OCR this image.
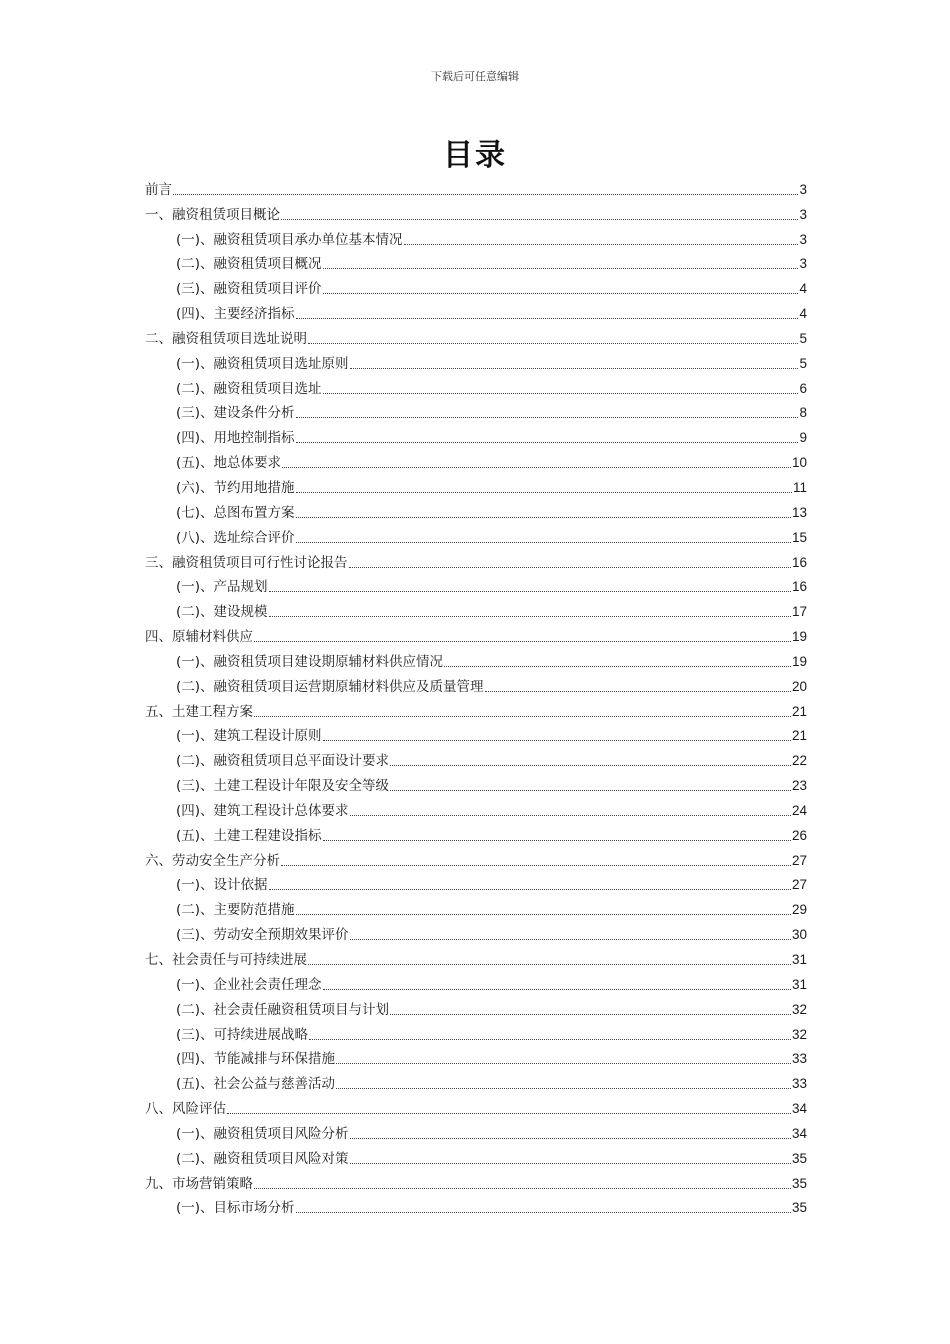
下载后可任意编辑
目录
前言	3
一、融资租赁项目概论	3
(一)、融资租赁项目承办单位基本情况	3
(二)、融资租赁项目概况	3
(三)、融资租赁项目评价	4
(四)、主要经济指标	4
二、融资租赁项目选址说明	5
(一)、融资租赁项目选址原则	5
(二)、融资租赁项目选址	6
(三)、建设条件分析	8
(四)、用地控制指标	9
(五)、地总体要求	10
(六)、节约用地措施	11
(七)、总图布置方案	13
(八)、选址综合评价	15
三、融资租赁项目可行性讨论报告	16
(一)、产品规划	16
(二)、建设规模	17
四、原辅材料供应	19
(一)、融资租赁项目建设期原辅材料供应情况	19
(二)、融资租赁项目运营期原辅材料供应及质量管理	20
五、土建工程方案	21
(一)、建筑工程设计原则	21
(二)、融资租赁项目总平面设计要求	22
(三)、土建工程设计年限及安全等级	23
(四)、建筑工程设计总体要求	24
(五)、土建工程建设指标	26
六、劳动安全生产分析	27
(一)、设计依据	27
(二)、主要防范措施	29
(三)、劳动安全预期效果评价	30
七、社会责任与可持续进展	31
(一)、企业社会责任理念	31
(二)、社会责任融资租赁项目与计划	32
(三)、可持续进展战略	32
(四)、节能减排与环保措施	33
(五)、社会公益与慈善活动	33
八、风险评估	34
(一)、融资租赁项目风险分析	34
(二)、融资租赁项目风险对策	35
九、市场营销策略	35
(一)、目标市场分析	35
